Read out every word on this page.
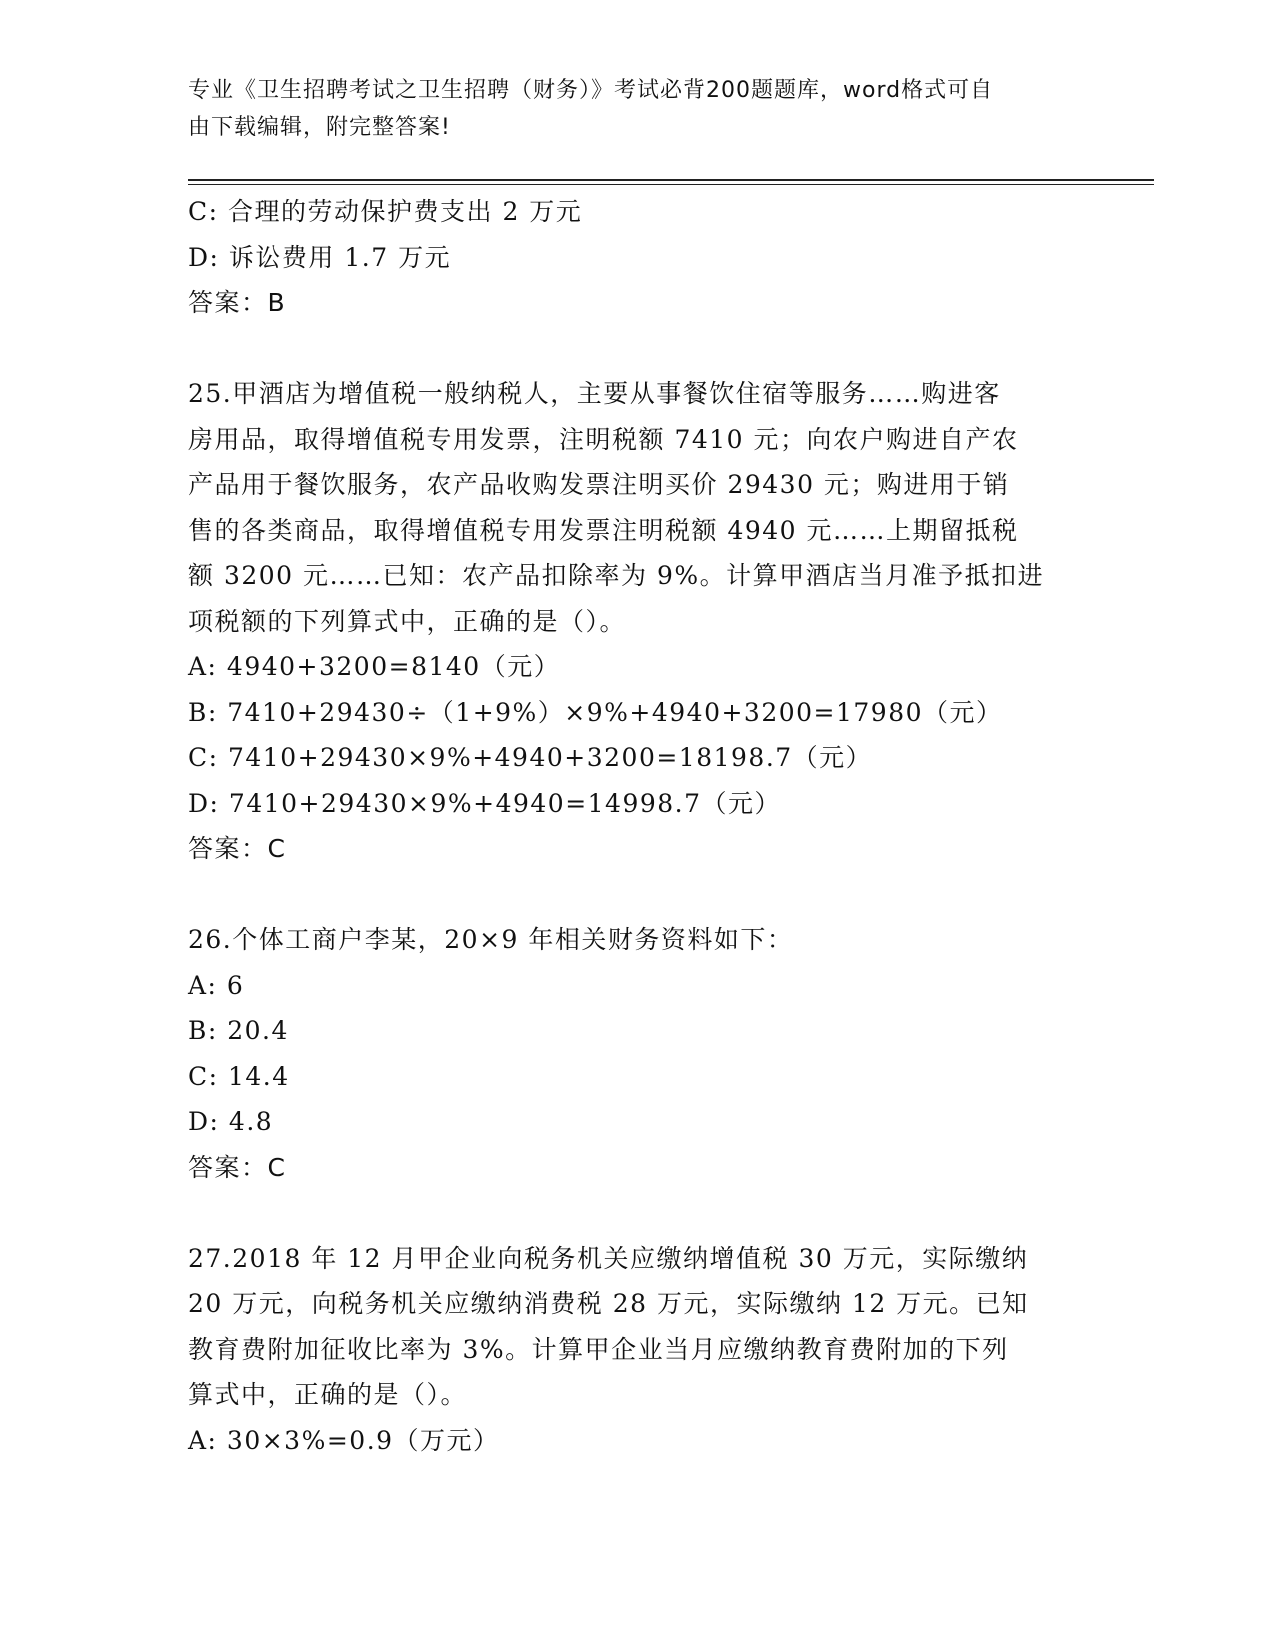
专业《卫生招聘考试之卫生招聘（财务）》考试必背200题题库，word格式可自
由下载编辑，附完整答案!
C: 合理的劳动保护费支出 2 万元
D: 诉讼费用 1.7 万元
答案：B
25.甲酒店为增值税一般纳税人，主要从事餐饮住宿等服务……购进客
房用品，取得增值税专用发票，注明税额 7410 元；向农户购进自产农
产品用于餐饮服务，农产品收购发票注明买价 29430 元；购进用于销
售的各类商品，取得增值税专用发票注明税额 4940 元……上期留抵税
额 3200 元……已知：农产品扣除率为 9%。计算甲酒店当月准予抵扣进
项税额的下列算式中，正确的是（）。
A: 4940+3200=8140（元）
B: 7410+29430÷（1+9%）×9%+4940+3200=17980（元）
C: 7410+29430×9%+4940+3200=18198.7（元）
D: 7410+29430×9%+4940=14998.7（元）
答案：C
26.个体工商户李某，20×9 年相关财务资料如下：
A: 6
B: 20.4
C: 14.4
D: 4.8
答案：C
27.2018 年 12 月甲企业向税务机关应缴纳增值税 30 万元，实际缴纳
20 万元，向税务机关应缴纳消费税 28 万元，实际缴纳 12 万元。已知
教育费附加征收比率为 3%。计算甲企业当月应缴纳教育费附加的下列
算式中，正确的是（）。
A: 30×3%=0.9（万元）
